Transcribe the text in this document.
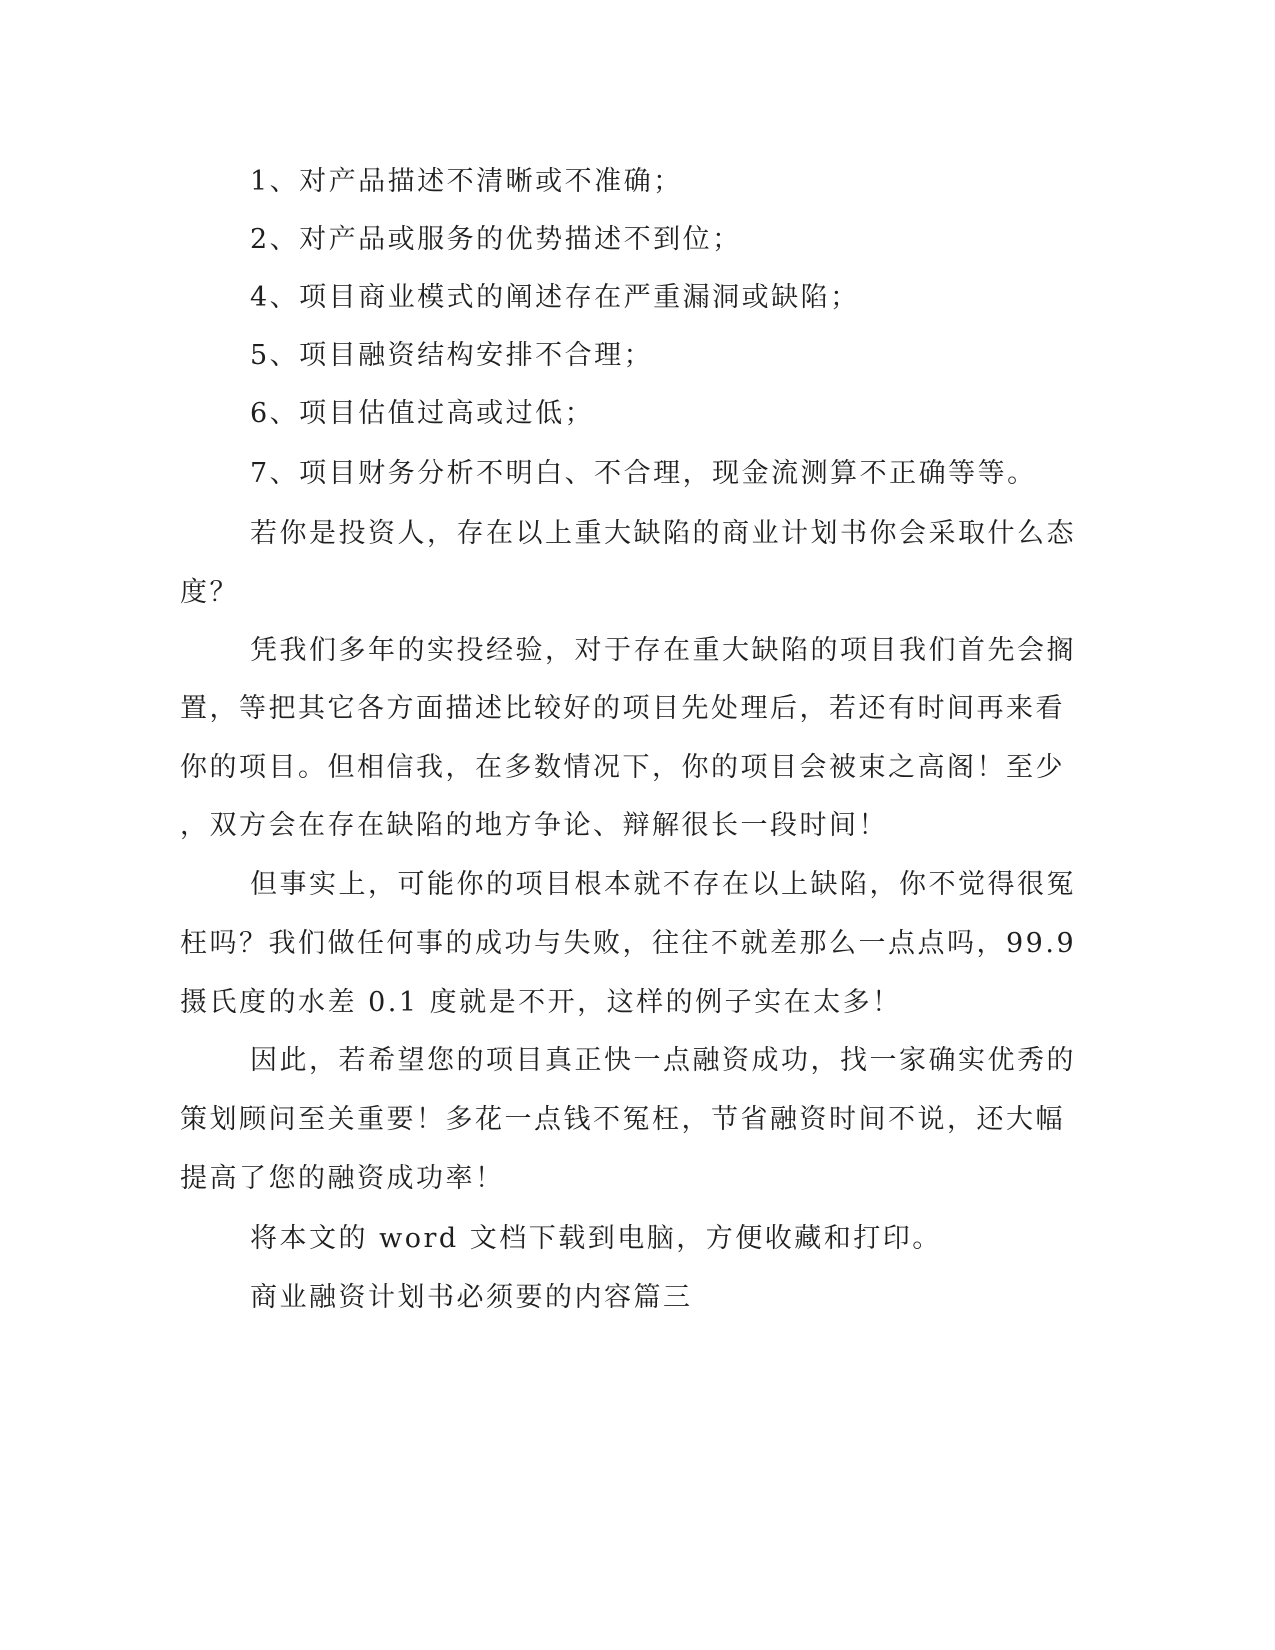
1、对产品描述不清晰或不准确；

2、对产品或服务的优势描述不到位；

4、项目商业模式的阐述存在严重漏洞或缺陷；

5、项目融资结构安排不合理；

6、项目估值过高或过低；

7、项目财务分析不明白、不合理，现金流测算不正确等等。

若你是投资人，存在以上重大缺陷的商业计划书你会采取什么态

度？

凭我们多年的实投经验，对于存在重大缺陷的项目我们首先会搁

置，等把其它各方面描述比较好的项目先处理后，若还有时间再来看

你的项目。但相信我，在多数情况下，你的项目会被束之高阁！至少

，双方会在存在缺陷的地方争论、辩解很长一段时间！

但事实上，可能你的项目根本就不存在以上缺陷，你不觉得很冤

枉吗？我们做任何事的成功与失败，往往不就差那么一点点吗，99.9

摄氏度的水差 0.1 度就是不开，这样的例子实在太多！

因此，若希望您的项目真正快一点融资成功，找一家确实优秀的

策划顾问至关重要！多花一点钱不冤枉，节省融资时间不说，还大幅

提高了您的融资成功率！

将本文的 word 文档下载到电脑，方便收藏和打印。

商业融资计划书必须要的内容篇三
